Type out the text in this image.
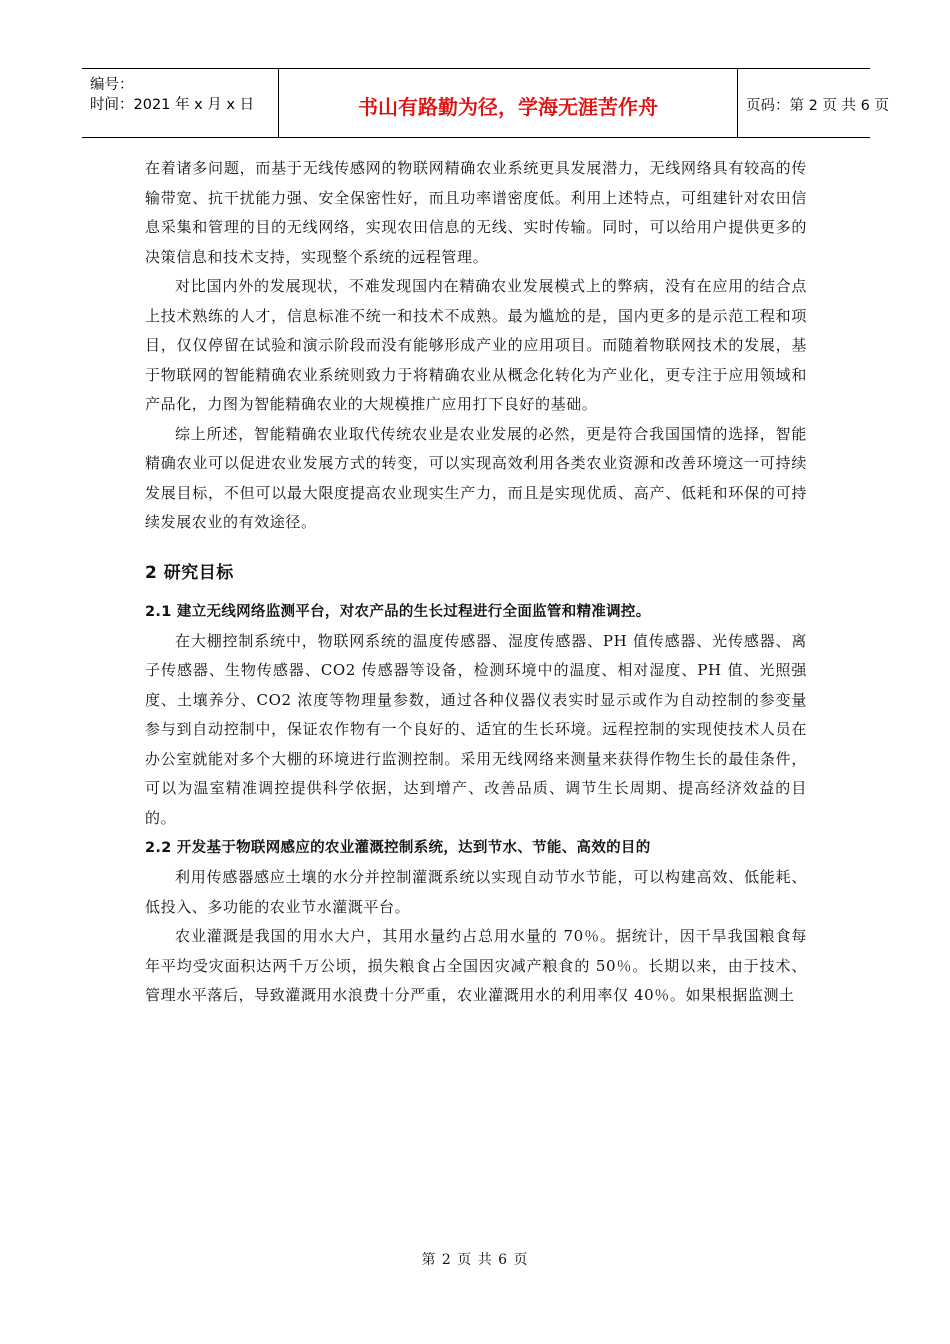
编号：
时间：2021 年 x 月 x 日	书山有路勤为径，学海无涯苦作舟	页码：第 2 页 共 6 页

在着诸多问题，而基于无线传感网的物联网精确农业系统更具发展潜力，无线网络具有较高的传输带宽、抗干扰能力强、安全保密性好，而且功率谱密度低。利用上述特点，可组建针对农田信息采集和管理的目的无线网络，实现农田信息的无线、实时传输。同时，可以给用户提供更多的决策信息和技术支持，实现整个系统的远程管理。

对比国内外的发展现状，不难发现国内在精确农业发展模式上的弊病，没有在应用的结合点上技术熟练的人才，信息标准不统一和技术不成熟。最为尴尬的是，国内更多的是示范工程和项目，仅仅停留在试验和演示阶段而没有能够形成产业的应用项目。而随着物联网技术的发展，基于物联网的智能精确农业系统则致力于将精确农业从概念化转化为产业化，更专注于应用领域和产品化，力图为智能精确农业的大规模推广应用打下良好的基础。

综上所述，智能精确农业取代传统农业是农业发展的必然，更是符合我国国情的选择，智能精确农业可以促进农业发展方式的转变，可以实现高效利用各类农业资源和改善环境这一可持续发展目标，不但可以最大限度提高农业现实生产力，而且是实现优质、高产、低耗和环保的可持续发展农业的有效途径。

2 研究目标
2.1 建立无线网络监测平台，对农产品的生长过程进行全面监管和精准调控。

在大棚控制系统中，物联网系统的温度传感器、湿度传感器、PH 值传感器、光传感器、离子传感器、生物传感器、CO2 传感器等设备，检测环境中的温度、相对湿度、PH 值、光照强度、土壤养分、CO2 浓度等物理量参数，通过各种仪器仪表实时显示或作为自动控制的参变量参与到自动控制中，保证农作物有一个良好的、适宜的生长环境。远程控制的实现使技术人员在办公室就能对多个大棚的环境进行监测控制。采用无线网络来测量来获得作物生长的最佳条件，可以为温室精准调控提供科学依据，达到增产、改善品质、调节生长周期、提高经济效益的目的。

2.2 开发基于物联网感应的农业灌溉控制系统，达到节水、节能、高效的目的

利用传感器感应土壤的水分并控制灌溉系统以实现自动节水节能，可以构建高效、低能耗、低投入、多功能的农业节水灌溉平台。

农业灌溉是我国的用水大户，其用水量约占总用水量的 70％。据统计，因干旱我国粮食每年平均受灾面积达两千万公顷，损失粮食占全国因灾减产粮食的 50％。长期以来，由于技术、管理水平落后，导致灌溉用水浪费十分严重，农业灌溉用水的利用率仅 40％。如果根据监测土

第 2 页 共 6 页
